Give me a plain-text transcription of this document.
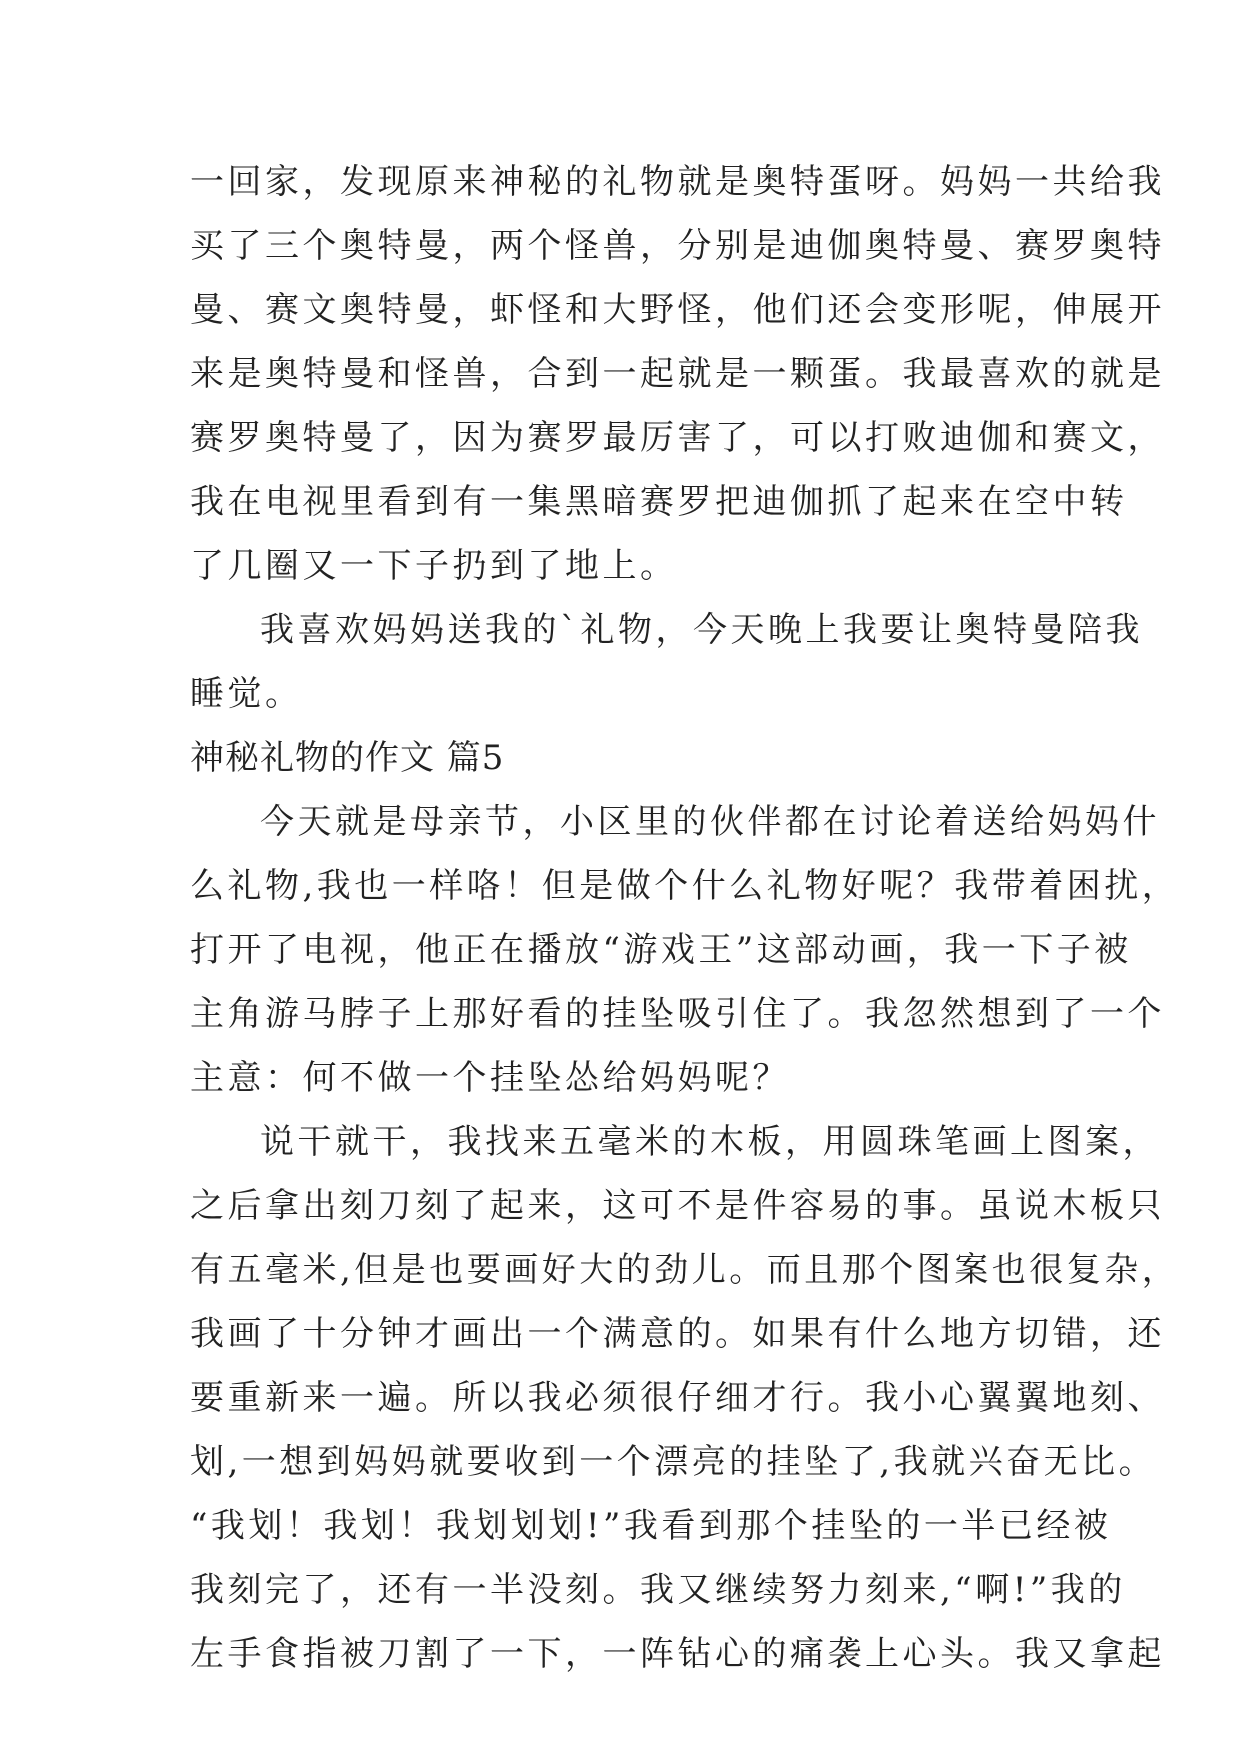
一回家，发现原来神秘的礼物就是奥特蛋呀。妈妈一共给我
买了三个奥特曼，两个怪兽，分别是迪伽奥特曼、赛罗奥特
曼、赛文奥特曼，虾怪和大野怪，他们还会变形呢，伸展开
来是奥特曼和怪兽，合到一起就是一颗蛋。我最喜欢的就是
赛罗奥特曼了，因为赛罗最厉害了，可以打败迪伽和赛文，
我在电视里看到有一集黑暗赛罗把迪伽抓了起来在空中转
了几圈又一下子扔到了地上。
我喜欢妈妈送我的`礼物，今天晚上我要让奥特曼陪我
睡觉。
神秘礼物的作文 篇5
今天就是母亲节，小区里的伙伴都在讨论着送给妈妈什
么礼物,我也一样咯！但是做个什么礼物好呢？我带着困扰，
打开了电视，他正在播放“游戏王”这部动画，我一下子被
主角游马脖子上那好看的挂坠吸引住了。我忽然想到了一个
主意：何不做一个挂坠怂给妈妈呢？
说干就干，我找来五毫米的木板，用圆珠笔画上图案，
之后拿出刻刀刻了起来，这可不是件容易的事。虽说木板只
有五毫米,但是也要画好大的劲儿。而且那个图案也很复杂，
我画了十分钟才画出一个满意的。如果有什么地方切错，还
要重新来一遍。所以我必须很仔细才行。我小心翼翼地刻、
划,一想到妈妈就要收到一个漂亮的挂坠了,我就兴奋无比。
“我划！我划！我划划划!”我看到那个挂坠的一半已经被
我刻完了，还有一半没刻。我又继续努力刻来,“啊!”我的
左手食指被刀割了一下，一阵钻心的痛袭上心头。我又拿起
